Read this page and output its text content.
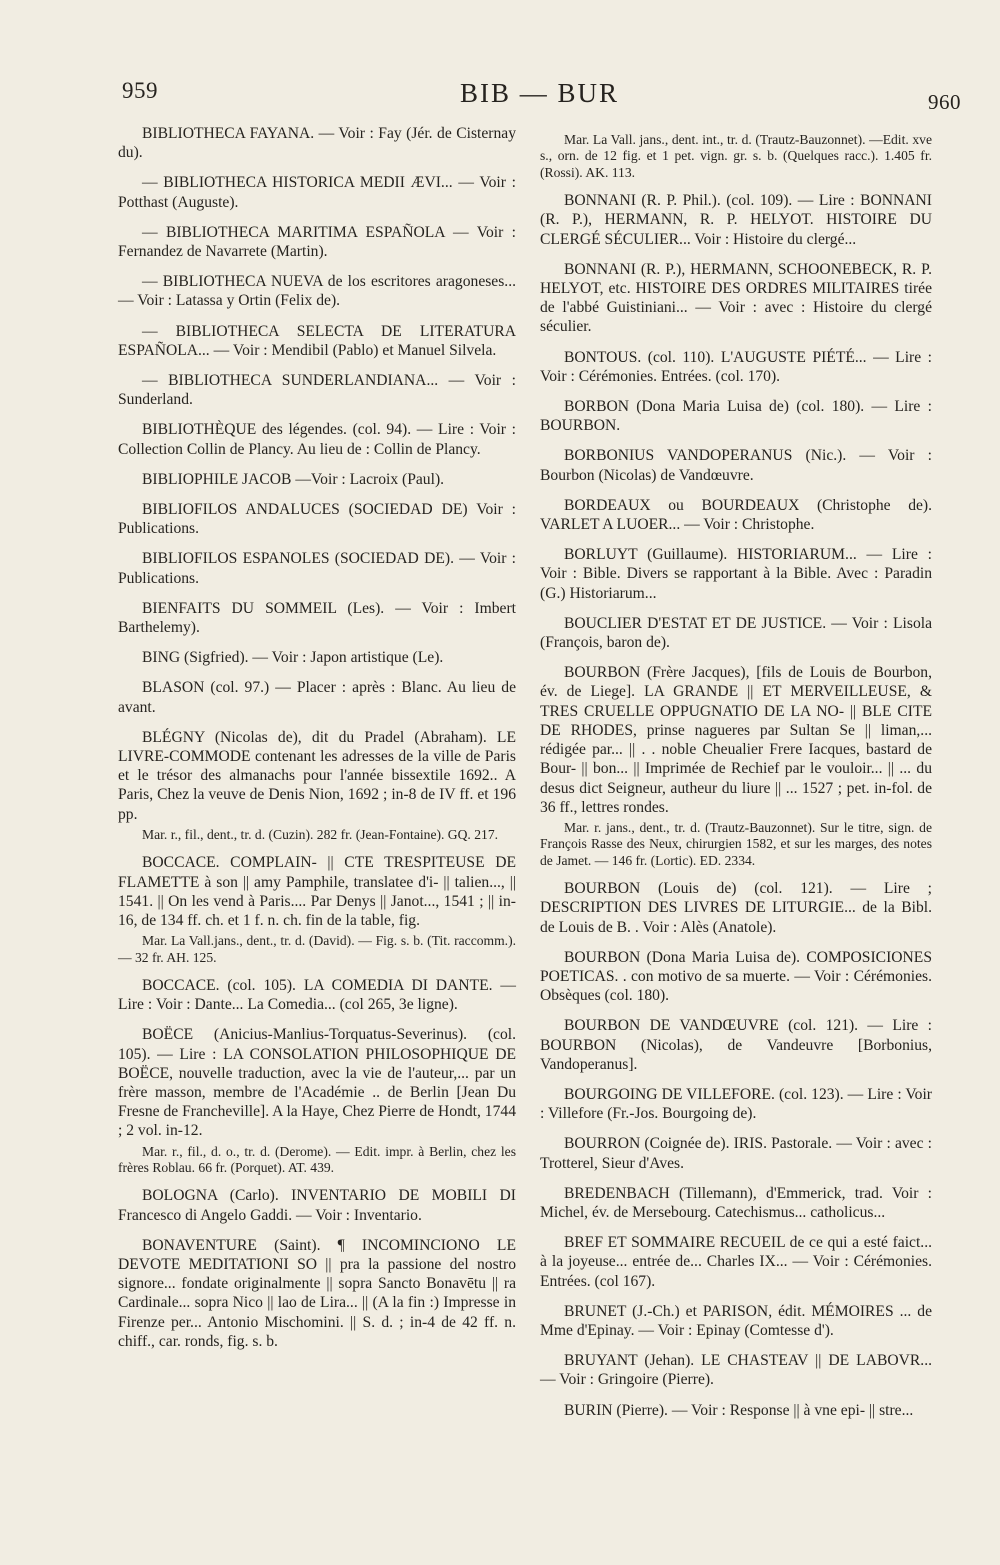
959	BIB — BUR	960

BIBLIOTHECA FAYANA. — Voir : Fay (Jér. de Cisternay du).

— BIBLIOTHECA HISTORICA MEDII ÆVI... — Voir : Potthast (Auguste).

— BIBLIOTHECA MARITIMA ESPAÑOLA — Voir : Fernandez de Navarrete (Martin).

— BIBLIOTHECA NUEVA de los escritores aragoneses... — Voir : Latassa y Ortin (Felix de).

— BIBLIOTHECA SELECTA DE LITERATURA ESPAÑOLA... — Voir : Mendibil (Pablo) et Manuel Silvela.

— BIBLIOTHECA SUNDERLANDIANA... — Voir : Sunderland.

BIBLIOTHÈQUE des légendes. (col. 94). — Lire : Voir : Collection Collin de Plancy. Au lieu de : Collin de Plancy.

BIBLIOPHILE JACOB —Voir : Lacroix (Paul).

BIBLIOFILOS ANDALUCES (SOCIEDAD DE) Voir : Publications.

BIBLIOFILOS ESPANOLES (SOCIEDAD DE). — Voir : Publications.

BIENFAITS DU SOMMEIL (Les). — Voir : Imbert Barthelemy).

BING (Sigfried). — Voir : Japon artistique (Le).

BLASON (col. 97.) — Placer : après : Blanc. Au lieu de avant.

BLÉGNY (Nicolas de), dit du Pradel (Abraham). LE LIVRE-COMMODE contenant les adresses de la ville de Paris et le trésor des almanachs pour l'année bissextile 1692.. A Paris, Chez la veuve de Denis Nion, 1692 ; in-8 de IV ff. et 196 pp.

Mar. r., fil., dent., tr. d. (Cuzin). 282 fr. (Jean-Fontaine). GQ. 217.

BOCCACE. COMPLAIN- || CTE TRESPITEUSE DE FLAMETTE à son || amy Pamphile, translatee d'i- || talien..., || 1541. || On les vend à Paris.... Par Denys || Janot..., 1541 ; || in-16, de 134 ff. ch. et 1 f. n. ch. fin de la table, fig.

Mar. La Vall.jans., dent., tr. d. (David). — Fig. s. b. (Tit. raccomm.). — 32 fr. AH. 125.

BOCCACE. (col. 105). LA COMEDIA DI DANTE. — Lire : Voir : Dante... La Comedia... (col 265, 3e ligne).

BOËCE (Anicius-Manlius-Torquatus-Severinus). (col. 105). — Lire : LA CONSOLATION PHILOSOPHIQUE DE BOËCE, nouvelle traduction, avec la vie de l'auteur,... par un frère masson, membre de l'Académie .. de Berlin [Jean Du Fresne de Francheville]. A la Haye, Chez Pierre de Hondt, 1744 ; 2 vol. in-12.

Mar. r., fil., d. o., tr. d. (Derome). — Edit. impr. à Berlin, chez les frères Roblau. 66 fr. (Porquet). AT. 439.

BOLOGNA (Carlo). INVENTARIO DE MOBILI DI Francesco di Angelo Gaddi. — Voir : Inventario.

BONAVENTURE (Saint). ¶ INCOMINCIONO LE DEVOTE MEDITATIONI SO || pra la passione del nostro signore... fondate originalmente || sopra Sancto Bonavētu || ra Cardinale... sopra Nico || lao de Lira... || (A la fin :) Impresse in Firenze per... Antonio Mischomini. || S. d. ; in-4 de 42 ff. n. chiff., car. ronds, fig. s. b.

Mar. La Vall. jans., dent. int., tr. d. (Trautz-Bauzonnet). —Edit. xve s., orn. de 12 fig. et 1 pet. vign. gr. s. b. (Quelques racc.). 1.405 fr. (Rossi). AK. 113.

BONNANI (R. P. Phil.). (col. 109). — Lire : BONNANI (R. P.), HERMANN, R. P. HELYOT. HISTOIRE DU CLERGÉ SÉCULIER... Voir : Histoire du clergé...

BONNANI (R. P.), HERMANN, SCHOONEBECK, R. P. HELYOT, etc. HISTOIRE DES ORDRES MILITAIRES tirée de l'abbé Guistiniani... — Voir : avec : Histoire du clergé séculier.

BONTOUS. (col. 110). L'AUGUSTE PIÉTÉ... — Lire : Voir : Cérémonies. Entrées. (col. 170).

BORBON (Dona Maria Luisa de) (col. 180). — Lire : BOURBON.

BORBONIUS VANDOPERANUS (Nic.). — Voir : Bourbon (Nicolas) de Vandœuvre.

BORDEAUX ou BOURDEAUX (Christophe de). VARLET A LUOER... — Voir : Christophe.

BORLUYT (Guillaume). HISTORIARUM... — Lire : Voir : Bible. Divers se rapportant à la Bible. Avec : Paradin (G.) Historiarum...

BOUCLIER D'ESTAT ET DE JUSTICE. — Voir : Lisola (François, baron de).

BOURBON (Frère Jacques), [fils de Louis de Bourbon, év. de Liege]. LA GRANDE || ET MERVEILLEUSE, & TRES CRUELLE OPPUGNATIO DE LA NO- || BLE CITE DE RHODES, prinse nagueres par Sultan Se || liman,... rédigée par... || . . noble Cheualier Frere Iacques, bastard de Bour- || bon... || Imprimée de Rechief par le vouloir... || ... du desus dict Seigneur, autheur du liure || ... 1527 ; pet. in-fol. de 36 ff., lettres rondes.

Mar. r. jans., dent., tr. d. (Trautz-Bauzonnet). Sur le titre, sign. de François Rasse des Neux, chirurgien 1582, et sur les marges, des notes de Jamet. — 146 fr. (Lortic). ED. 2334.

BOURBON (Louis de) (col. 121). — Lire ; DESCRIPTION DES LIVRES DE LITURGIE... de la Bibl. de Louis de B. . Voir : Alès (Anatole).

BOURBON (Dona Maria Luisa de). COMPOSICIONES POETICAS. . con motivo de sa muerte. — Voir : Cérémonies. Obsèques (col. 180).

BOURBON DE VANDŒUVRE (col. 121). — Lire : BOURBON (Nicolas), de Vandeuvre [Borbonius, Vandoperanus].

BOURGOING DE VILLEFORE. (col. 123). — Lire : Voir : Villefore (Fr.-Jos. Bourgoing de).

BOURRON (Coignée de). IRIS. Pastorale. — Voir : avec : Trotterel, Sieur d'Aves.

BREDENBACH (Tillemann), d'Emmerick, trad. Voir : Michel, év. de Mersebourg. Catechismus... catholicus...

BREF ET SOMMAIRE RECUEIL de ce qui a esté faict... à la joyeuse... entrée de... Charles IX... — Voir : Cérémonies. Entrées. (col 167).

BRUNET (J.-Ch.) et PARISON, édit. MÉMOIRES ... de Mme d'Epinay. — Voir : Epinay (Comtesse d').

BRUYANT (Jehan). LE CHASTEAV || DE LABOVR... — Voir : Gringoire (Pierre).

BURIN (Pierre). — Voir : Response || à vne epi- || stre...
